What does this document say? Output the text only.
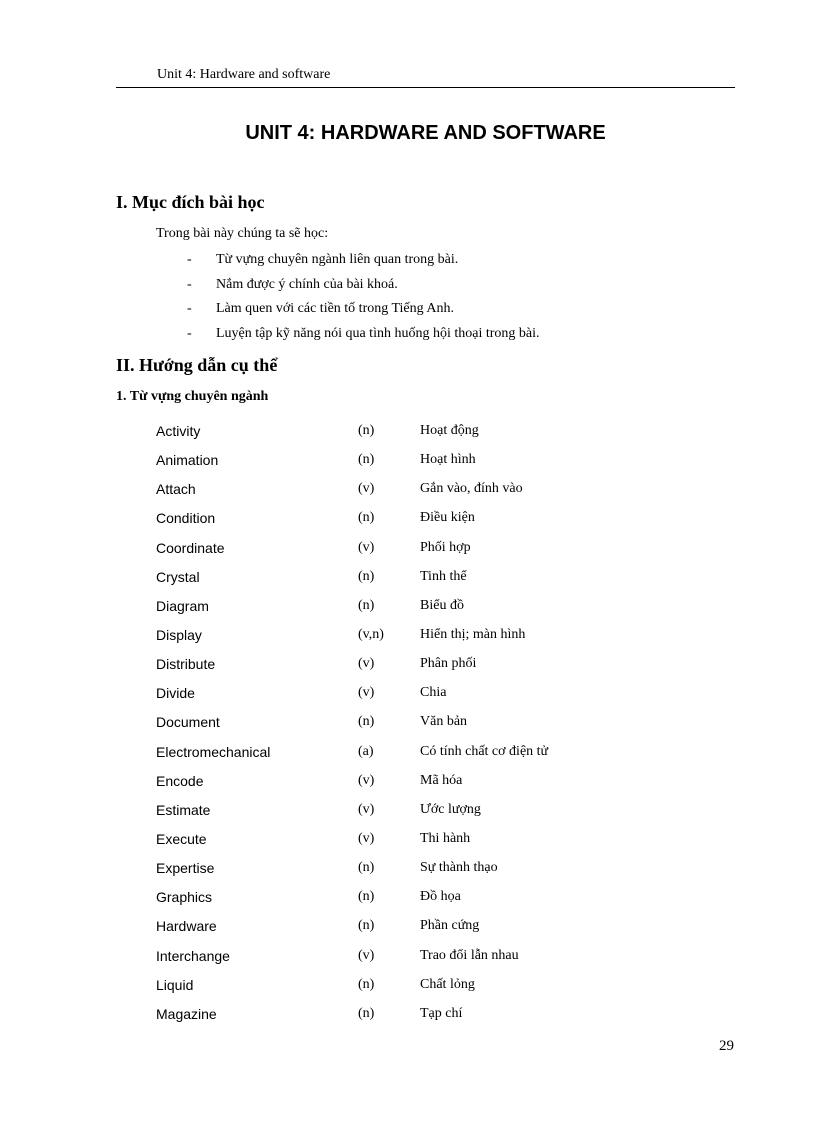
Unit 4: Hardware and software
UNIT 4: HARDWARE AND SOFTWARE
I. Mục đích bài học
Trong bài này chúng ta sẽ học:
-	Từ vựng chuyên ngành liên quan trong bài.
-	Nắm được ý chính của bài khoá.
-	Làm quen với các tiền tố trong Tiếng Anh.
-	Luyện tập kỹ năng nói qua tình huống hội thoại trong bài.
II. Hướng dẫn cụ thể
1. Từ vựng chuyên ngành
Activity	(n)	Hoạt động
Animation	(n)	Hoạt hình
Attach	(v)	Gắn vào, đính vào
Condition	(n)	Điều kiện
Coordinate	(v)	Phối hợp
Crystal	(n)	Tinh thể
Diagram	(n)	Biểu đồ
Display	(v,n)	Hiển thị; màn hình
Distribute	(v)	Phân phối
Divide	(v)	Chia
Document	(n)	Văn bản
Electromechanical	(a)	Có tính chất cơ điện tử
Encode	(v)	Mã hóa
Estimate	(v)	Ước lượng
Execute	(v)	Thi hành
Expertise	(n)	Sự thành thạo
Graphics	(n)	Đồ họa
Hardware	(n)	Phần cứng
Interchange	(v)	Trao đổi lẫn nhau
Liquid	(n)	Chất lỏng
Magazine	(n)	Tạp chí
29
